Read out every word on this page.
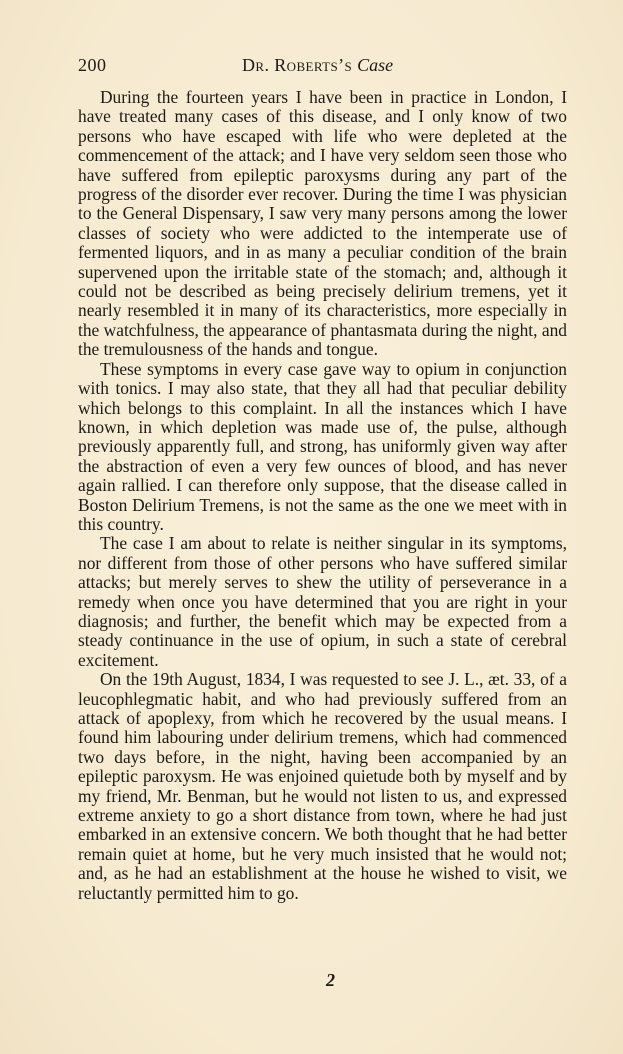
200	Dr. Roberts’s Case

During the fourteen years I have been in practice in London, I have treated many cases of this disease, and I only know of two persons who have escaped with life who were depleted at the commencement of the attack; and I have very seldom seen those who have suffered from epileptic paroxysms during any part of the progress of the disorder ever recover. During the time I was physician to the General Dispensary, I saw very many persons among the lower classes of society who were addicted to the intemperate use of fermented liquors, and in as many a peculiar condition of the brain supervened upon the irritable state of the stomach; and, although it could not be described as being precisely delirium tremens, yet it nearly resembled it in many of its characteristics, more especially in the watchfulness, the appearance of phantasmata during the night, and the tremulousness of the hands and tongue.

These symptoms in every case gave way to opium in conjunction with tonics. I may also state, that they all had that peculiar debility which belongs to this complaint. In all the instances which I have known, in which depletion was made use of, the pulse, although previously apparently full, and strong, has uniformly given way after the abstraction of even a very few ounces of blood, and has never again rallied. I can therefore only suppose, that the disease called in Boston Delirium Tremens, is not the same as the one we meet with in this country.

The case I am about to relate is neither singular in its symptoms, nor different from those of other persons who have suffered similar attacks; but merely serves to shew the utility of perseverance in a remedy when once you have determined that you are right in your diagnosis; and further, the benefit which may be expected from a steady continuance in the use of opium, in such a state of cerebral excitement.

On the 19th August, 1834, I was requested to see J. L., æt. 33, of a leucophlegmatic habit, and who had previously suffered from an attack of apoplexy, from which he recovered by the usual means. I found him labouring under delirium tremens, which had commenced two days before, in the night, having been accompanied by an epileptic paroxysm. He was enjoined quietude both by myself and by my friend, Mr. Benman, but he would not listen to us, and expressed extreme anxiety to go a short distance from town, where he had just embarked in an extensive concern. We both thought that he had better remain quiet at home, but he very much insisted that he would not; and, as he had an establishment at the house he wished to visit, we reluctantly permitted him to go.

2
